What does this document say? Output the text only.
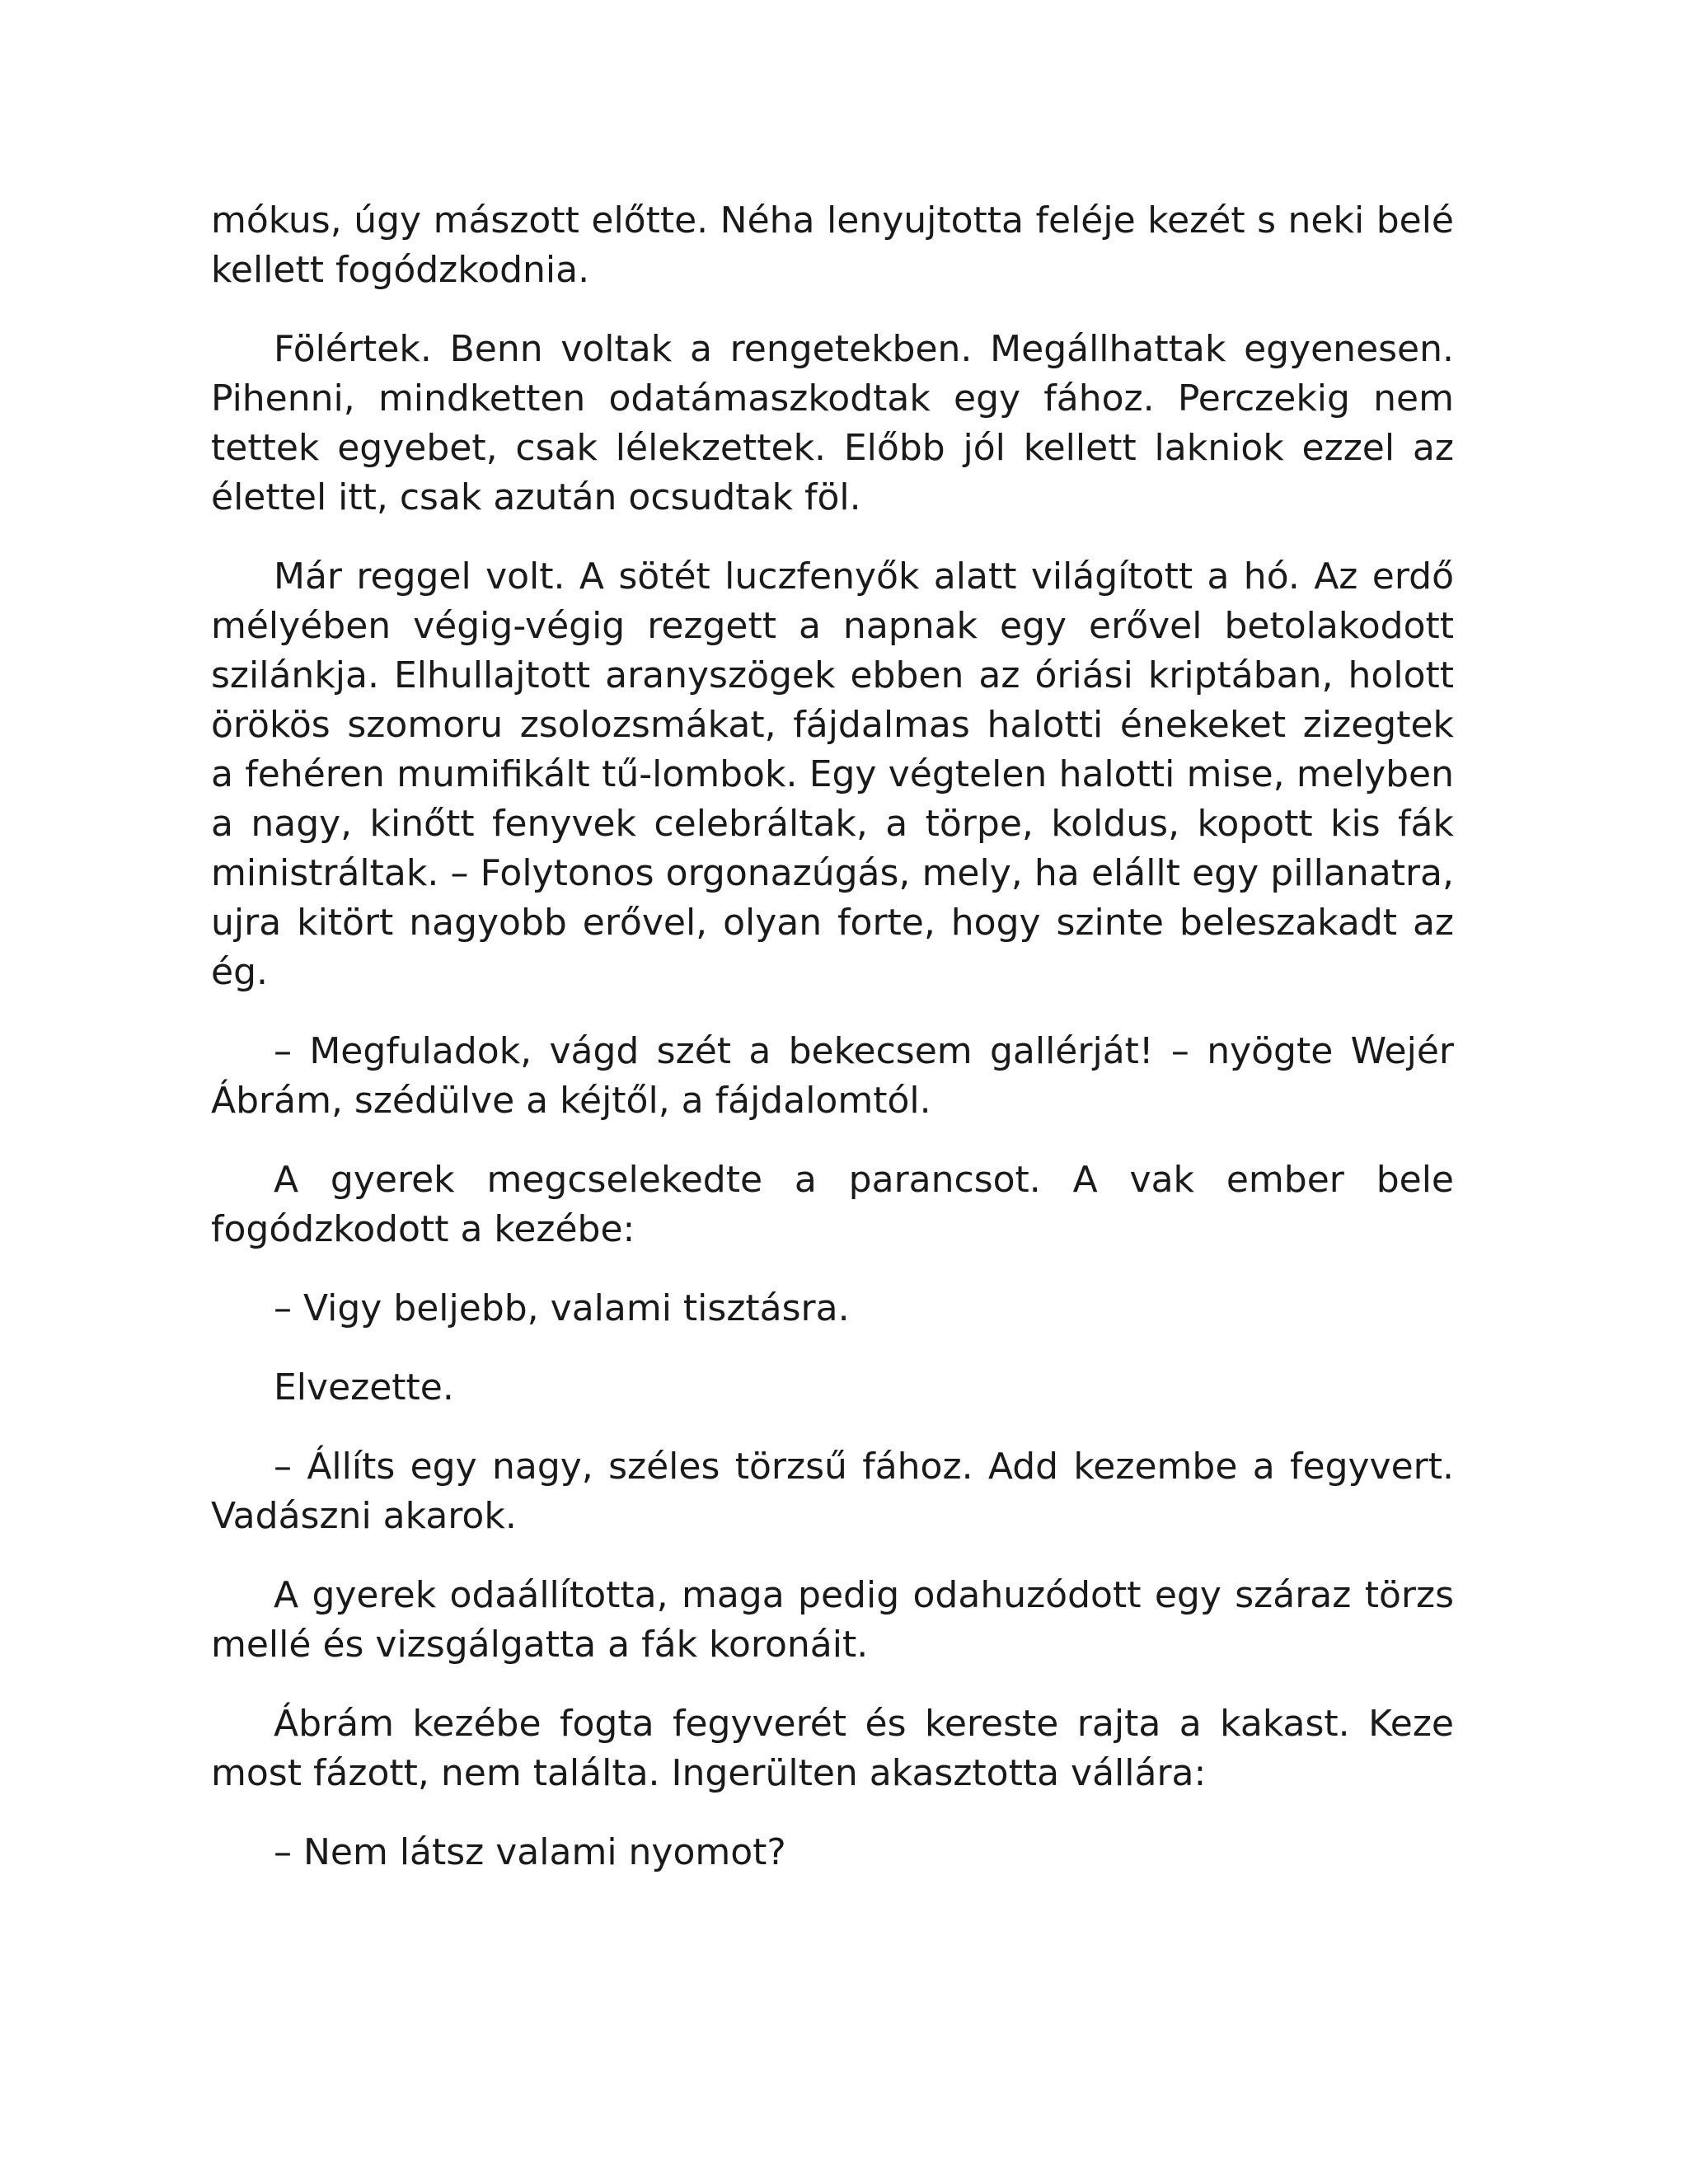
mókus, úgy mászott előtte. Néha lenyujtotta feléje kezét s neki belé kellett fogódzkodnia.

Fölértek. Benn voltak a rengetekben. Megállhattak egyenesen. Pihenni, mindketten odatámaszkodtak egy fához. Perczekig nem tettek egyebet, csak lélekzettek. Előbb jól kellett lakniok ezzel az élettel itt, csak azután ocsudtak föl.

Már reggel volt. A sötét luczfenyők alatt világított a hó. Az erdő mélyében végig-végig rezgett a napnak egy erővel betolakodott szilánkja. Elhullajtott aranyszögek ebben az óriási kriptában, holott örökös szomoru zsolozsmákat, fájdalmas halotti énekeket zizegtek a fehéren mumifikált tű-lombok. Egy végtelen halotti mise, melyben a nagy, kinőtt fenyvek celebráltak, a törpe, koldus, kopott kis fák ministráltak. – Folytonos orgonazúgás, mely, ha elállt egy pillanatra, ujra kitört nagyobb erővel, olyan forte, hogy szinte beleszakadt az ég.

– Megfuladok, vágd szét a bekecsem gallérját! – nyögte Wejér Ábrám, szédülve a kéjtől, a fájdalomtól.

A gyerek megcselekedte a parancsot. A vak ember bele fogódzkodott a kezébe:

– Vigy beljebb, valami tisztásra.

Elvezette.

– Állíts egy nagy, széles törzsű fához. Add kezembe a fegyvert. Vadászni akarok.

A gyerek odaállította, maga pedig odahuzódott egy száraz törzs mellé és vizsgálgatta a fák koronáit.

Ábrám kezébe fogta fegyverét és kereste rajta a kakast. Keze most fázott, nem találta. Ingerülten akasztotta vállára:

– Nem látsz valami nyomot?
